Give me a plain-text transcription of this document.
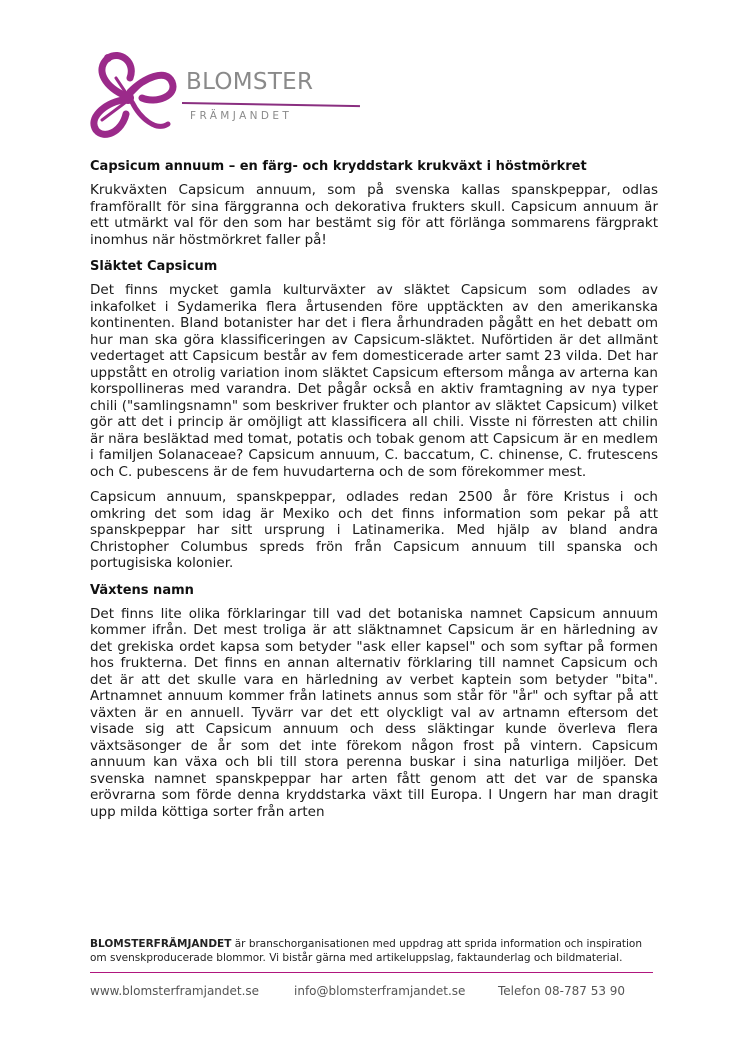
BLOMSTER
FRÄMJANDET
Capsicum annuum – en färg- och kryddstark krukväxt i höstmörkret

Krukväxten Capsicum annuum, som på svenska kallas spanskpeppar, odlas framförallt för sina färggranna och dekorativa frukters skull. Capsicum annuum är ett utmärkt val för den som har bestämt sig för att förlänga sommarens färgprakt inomhus när höstmörkret faller på!

Släktet Capsicum

Det finns mycket gamla kulturväxter av släktet Capsicum som odlades av inkafolket i Sydamerika flera årtusenden före upptäckten av den amerikanska kontinenten. Bland botanister har det i flera århundraden pågått en het debatt om hur man ska göra klassificeringen av Capsicum-släktet. Nuförtiden är det allmänt vedertaget att Capsicum består av fem domesticerade arter samt 23 vilda. Det har uppstått en otrolig variation inom släktet Capsicum eftersom många av arterna kan korspollineras med varandra. Det pågår också en aktiv framtagning av nya typer chili ("samlingsnamn" som beskriver frukter och plantor av släktet Capsicum) vilket gör att det i princip är omöjligt att klassificera all chili. Visste ni förresten att chilin är nära besläktad med tomat, potatis och tobak genom att Capsicum är en medlem i familjen Solanaceae? Capsicum annuum, C. baccatum, C. chinense, C. frutescens och C. pubescens är de fem huvudarterna och de som förekommer mest.

Capsicum annuum, spanskpeppar, odlades redan 2500 år före Kristus i och omkring det som idag är Mexiko och det finns information som pekar på att spanskpeppar har sitt ursprung i Latinamerika. Med hjälp av bland andra Christopher Columbus spreds frön från Capsicum annuum till spanska och portugisiska kolonier.

Växtens namn

Det finns lite olika förklaringar till vad det botaniska namnet Capsicum annuum kommer ifrån. Det mest troliga är att släktnamnet Capsicum är en härledning av det grekiska ordet kapsa som betyder "ask eller kapsel" och som syftar på formen hos frukterna. Det finns en annan alternativ förklaring till namnet Capsicum och det är att det skulle vara en härledning av verbet kaptein som betyder "bita". Artnamnet annuum kommer från latinets annus som står för "år" och syftar på att växten är en annuell. Tyvärr var det ett olyckligt val av artnamn eftersom det visade sig att Capsicum annuum och dess släktingar kunde överleva flera växtsäsonger de år som det inte förekom någon frost på vintern. Capsicum annuum kan växa och bli till stora perenna buskar i sina naturliga miljöer. Det svenska namnet spanskpeppar har arten fått genom att det var de spanska erövrarna som förde denna kryddstarka växt till Europa. I Ungern har man dragit upp milda köttiga sorter från arten

BLOMSTERFRÄMJANDET är branschorganisationen med uppdrag att sprida information och inspiration om svenskproducerade blommor. Vi bistår gärna med artikeluppslag, faktaunderlag och bildmaterial.
www.blomsterframjandet.se	info@blomsterframjandet.se	Telefon 08-787 53 90
